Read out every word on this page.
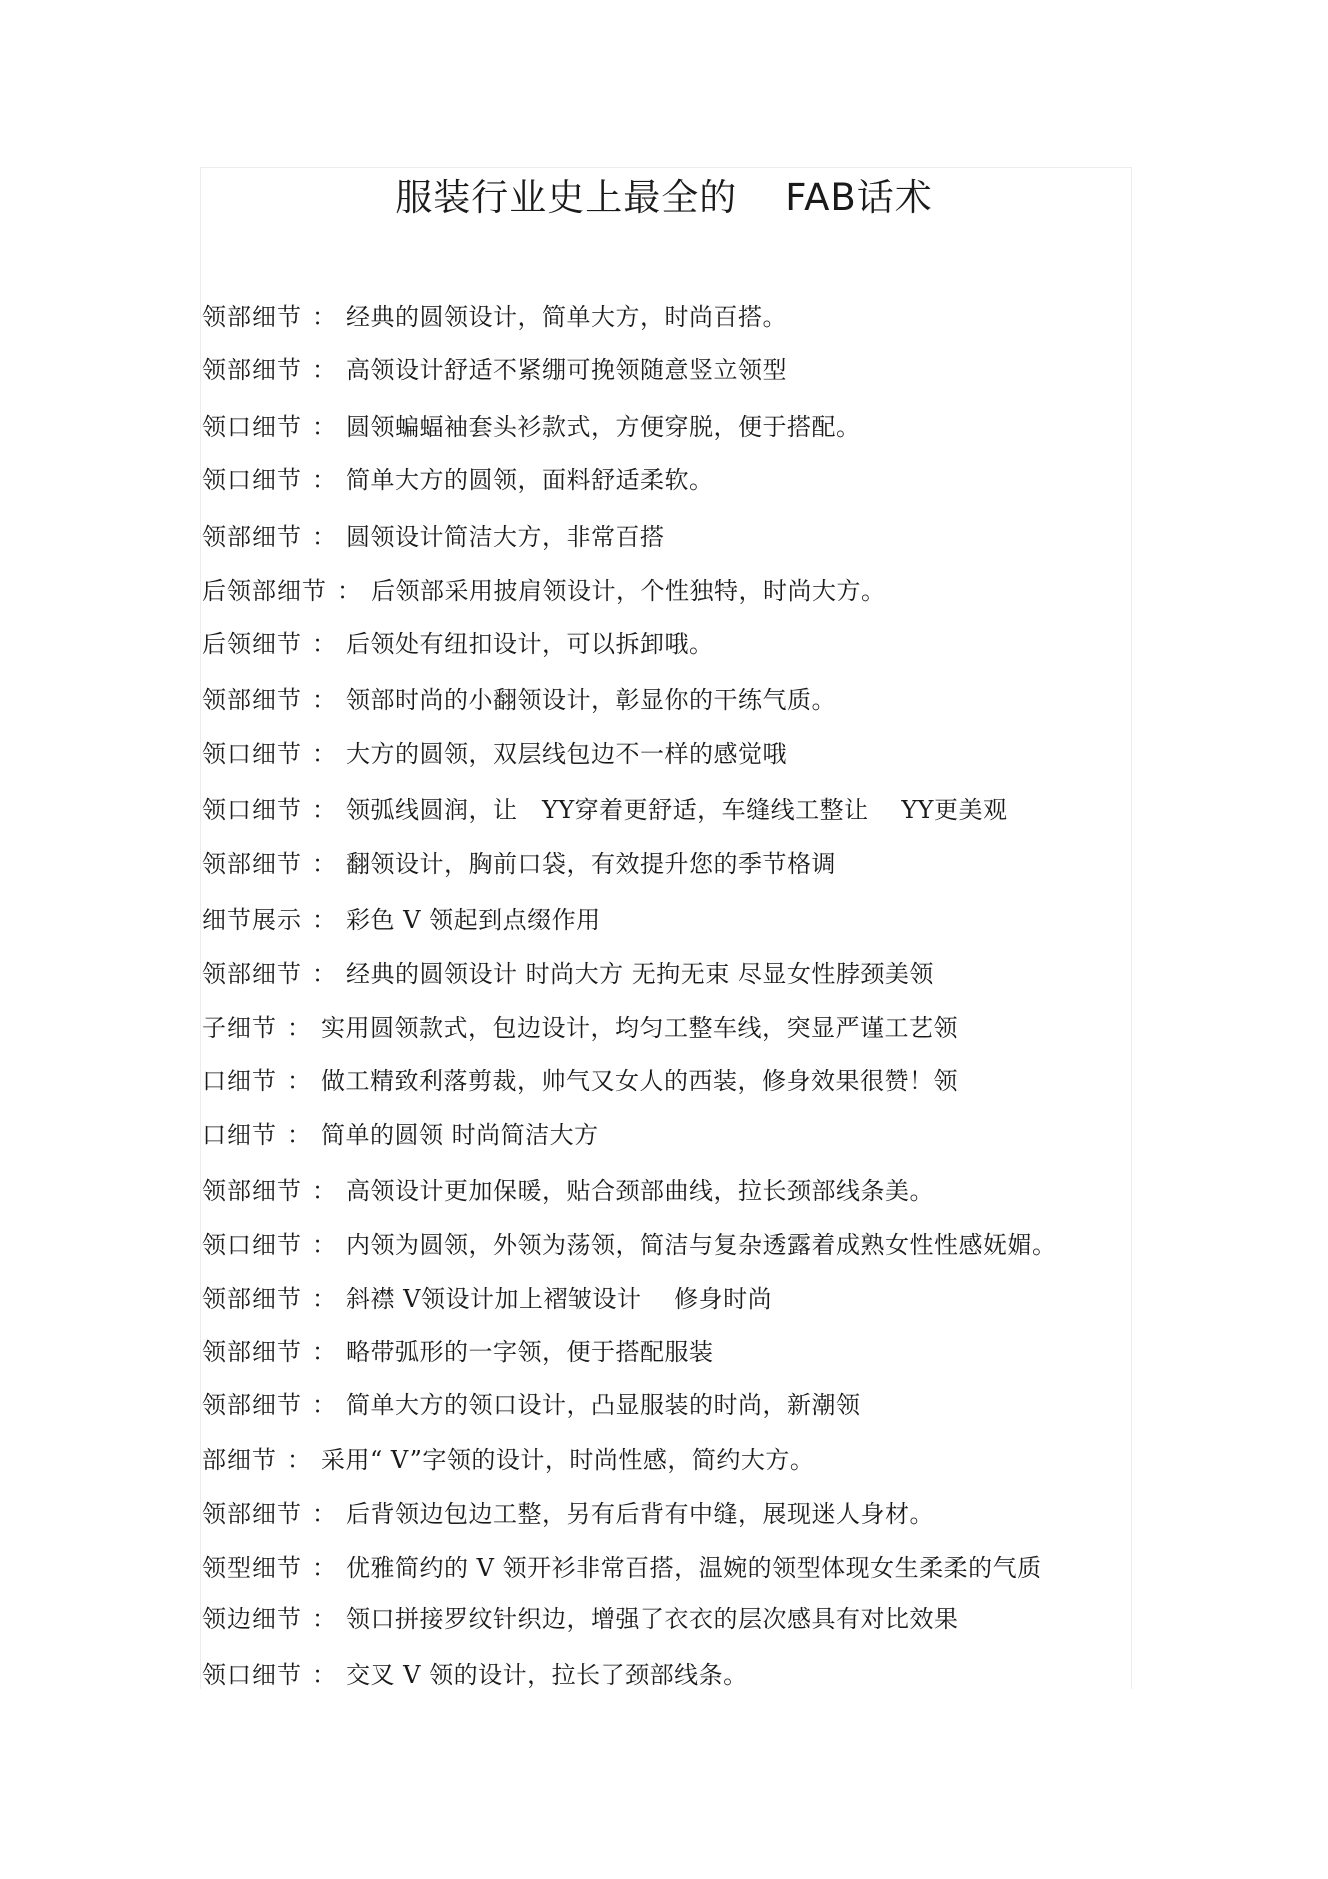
服装行业史上最全的 FAB话术
领部细节 ： 经典的圆领设计，简单大方，时尚百搭。
领部细节 ： 高领设计舒适不紧绷可挽领随意竖立领型
领口细节 ： 圆领蝙蝠袖套头衫款式，方便穿脱，便于搭配。
领口细节 ： 简单大方的圆领，面料舒适柔软。
领部细节 ： 圆领设计简洁大方，非常百搭
后领部细节 ： 后领部采用披肩领设计，个性独特，时尚大方。
后领细节 ： 后领处有纽扣设计，可以拆卸哦。
领部细节 ： 领部时尚的小翻领设计，彰显你的干练气质。
领口细节 ： 大方的圆领，双层线包边不一样的感觉哦
领口细节 ： 领弧线圆润，让　YY穿着更舒适，车缝线工整让　 YY更美观
领部细节 ： 翻领设计，胸前口袋，有效提升您的季节格调
细节展示 ： 彩色 V 领起到点缀作用
领部细节 ： 经典的圆领设计 时尚大方 无拘无束 尽显女性脖颈美领
子细节 ： 实用圆领款式，包边设计，均匀工整车线，突显严谨工艺领
口细节 ： 做工精致利落剪裁，帅气又女人的西装，修身效果很赞！领
口细节 ： 简单的圆领 时尚简洁大方
领部细节 ： 高领设计更加保暖，贴合颈部曲线，拉长颈部线条美。
领口细节 ： 内领为圆领，外领为荡领，简洁与复杂透露着成熟女性性感妩媚。
领部细节 ： 斜襟 V领设计加上褶皱设计　 修身时尚
领部细节 ： 略带弧形的一字领，便于搭配服装
领部细节 ： 简单大方的领口设计，凸显服装的时尚，新潮领
部细节 ： 采用“ V”字领的设计，时尚性感，简约大方。
领部细节 ： 后背领边包边工整，另有后背有中缝，展现迷人身材。
领型细节 ： 优雅简约的 V 领开衫非常百搭，温婉的领型体现女生柔柔的气质
领边细节 ： 领口拼接罗纹针织边，增强了衣衣的层次感具有对比效果
领口细节 ： 交叉 V 领的设计，拉长了颈部线条。
